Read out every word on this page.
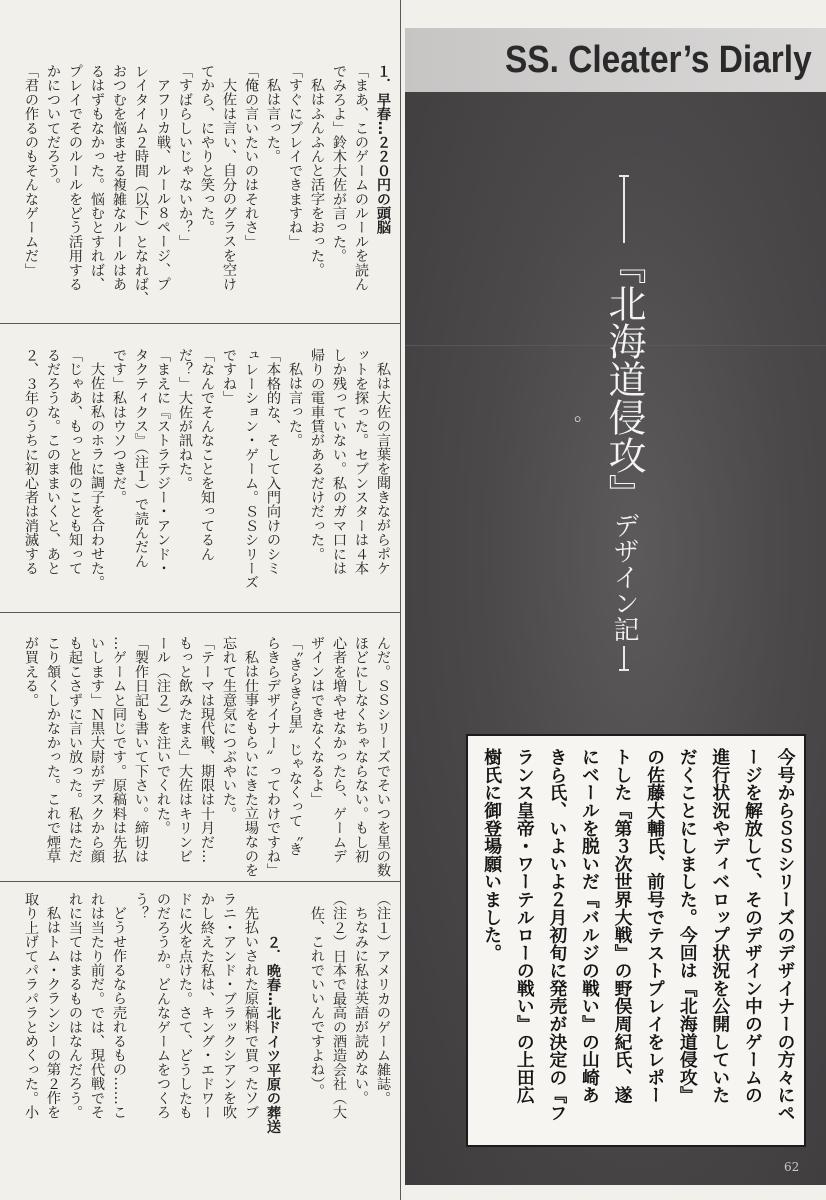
１．早春…２２０円の頭脳
「まあ、このゲームのルールを読ん
でみろよ」鈴木大佐が言った。
私はふんふんと活字をおった。
「すぐにプレイできますね」
私は言った。
「俺の言いたいのはそれさ」
大佐は言い、自分のグラスを空け
てから、にやりと笑った。
「すばらしいじゃないか？」
アフリカ戦、ルール８ページ、プ
レイタイム２時間（以下）となれば、
おつむを悩ませる複雑なルールはあ
るはずもなかった。悩むとすれば、
プレイでそのルールをどう活用する
かについてだろう。
「君の作るのもそんなゲームだ」
私は大佐の言葉を聞きながらポケ
ットを探った。セブンスターは４本
しか残っていない。私のガマ口には
帰りの電車賃があるだけだった。
私は言った。
「本格的な、そして入門向けのシミ
ュレーション・ゲーム。ＳＳシリーズ
ですね」
「なんでそんなことを知ってるん
だ？」大佐が訊ねた。
「まえに『ストラテジー・アンド・
タクティクス』（注１）で読んだん
です」私はウソつきだ。
大佐は私のホラに調子を合わせた。
「じゃあ、もっと他のことも知って
るだろうな。このままいくと、あと
２、３年のうちに初心者は消滅する
んだ。ＳＳシリーズでそいつを星の数
ほどにしなくちゃならない。もし初
心者を増やせなかったら、ゲームデ
ザインはできなくなるよ」
「〝きらきら星〟じゃなくって〝き
らきらデザイナー〟ってわけですね」
私は仕事をもらいにきた立場なのを
忘れて生意気につぶやいた。
「テーマは現代戦、期限は十月だ…
もっと飲みたまえ」大佐はキリンビ
ール（注２）を注いでくれた。
「製作日記も書いて下さい。締切は
…ゲームと同じです。原稿料は先払
いします」Ｎ黒大尉がデスクから顔
も起こさずに言い放った。私はただ
こり頷くしかなかった。これで煙草
が買える。
（注１）アメリカのゲーム雑誌。
ちなみに私は英語が読めない。
（注２）日本で最高の酒造会社（大
佐、これでいいんですよね）。
２．晩春…北ドイツ平原の葬送
先払いされた原稿料で買ったソブ
ラニ・アンド・ブラックシアンを吹
かし終えた私は、キング・エドワー
ドに火を点けた。さて、どうしたも
のだろうか。どんなゲームをつくろ
う？
どうせ作るなら売れるもの……こ
れは当たり前だ。では、現代戦でそ
れに当てはまるものはなんだろう。
私はトム・クランシーの第２作を
取り上げてパラパラとめくった。小
SS. Cleater’s Diarly
『北海道侵攻』デザイン記
。
今号からＳＳシリーズのデザイナーの方々にペ
ージを解放して、そのデザイン中のゲームの
進行状況やディベロップ状況を公開していた
だくことにしました。今回は『北海道侵攻』
の佐藤大輔氏、前号でテストプレイをレポー
トした『第３次世界大戦』の野俣周紀氏、遂
にベールを脱いだ『バルジの戦い』の山崎あ
きら氏、いよいよ２月初旬に発売が決定の『フ
ランス皇帝・ワーテルローの戦い』の上田広
樹氏に御登場願いました。
62
